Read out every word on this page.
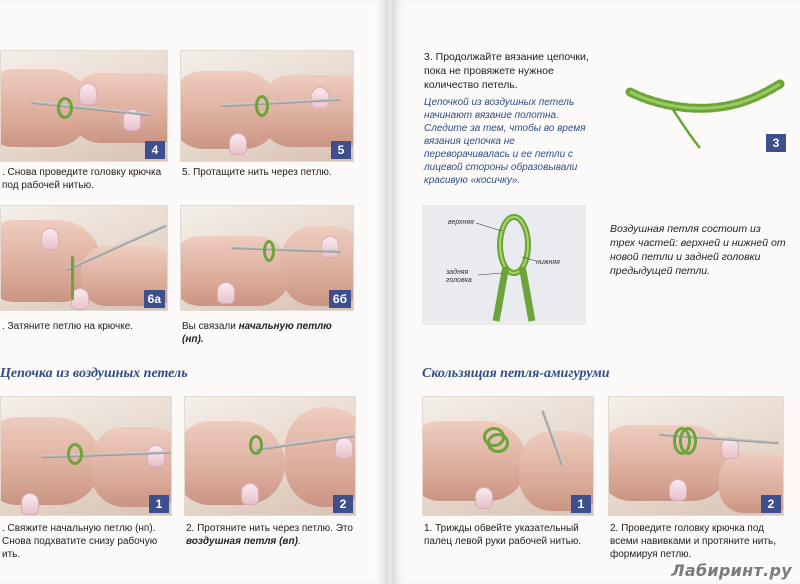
4
. Снова проведите головку крючка под рабочей нитью.
5
5. Протащите нить через петлю.
6а
. Затяните петлю на крючке.
6б
Вы связали начальную петлю
(нп).
Цепочка из воздушных петель
1
. Свяжите начальную петлю (нп). Снова подхватите снизу рабочую ить.
2
2. Протяните нить через петлю. Это воздушная петля (вп).
3. Продолжайте вязание цепочки, пока не провяжете нужное количество петель.
Цепочкой из воздушных петель начинают вязание полотна. Следите за тем, чтобы во время вязания цепочка не переворачивалась и ее петли с лицевой стороны образовывали красивую «косичку».
3
верхняя
нижняя
задняя головка
Воздушная петля состоит из трех частей: верхней и нижней от новой петли и задней головки предыдущей петли.
Скользящая петля-амигуруми
1
1. Трижды обвейте указательный палец левой руки рабочей нитью.
2
2. Проведите головку крючка под всеми навивками и протяните нить, формируя петлю.
Лабиринт.ру
